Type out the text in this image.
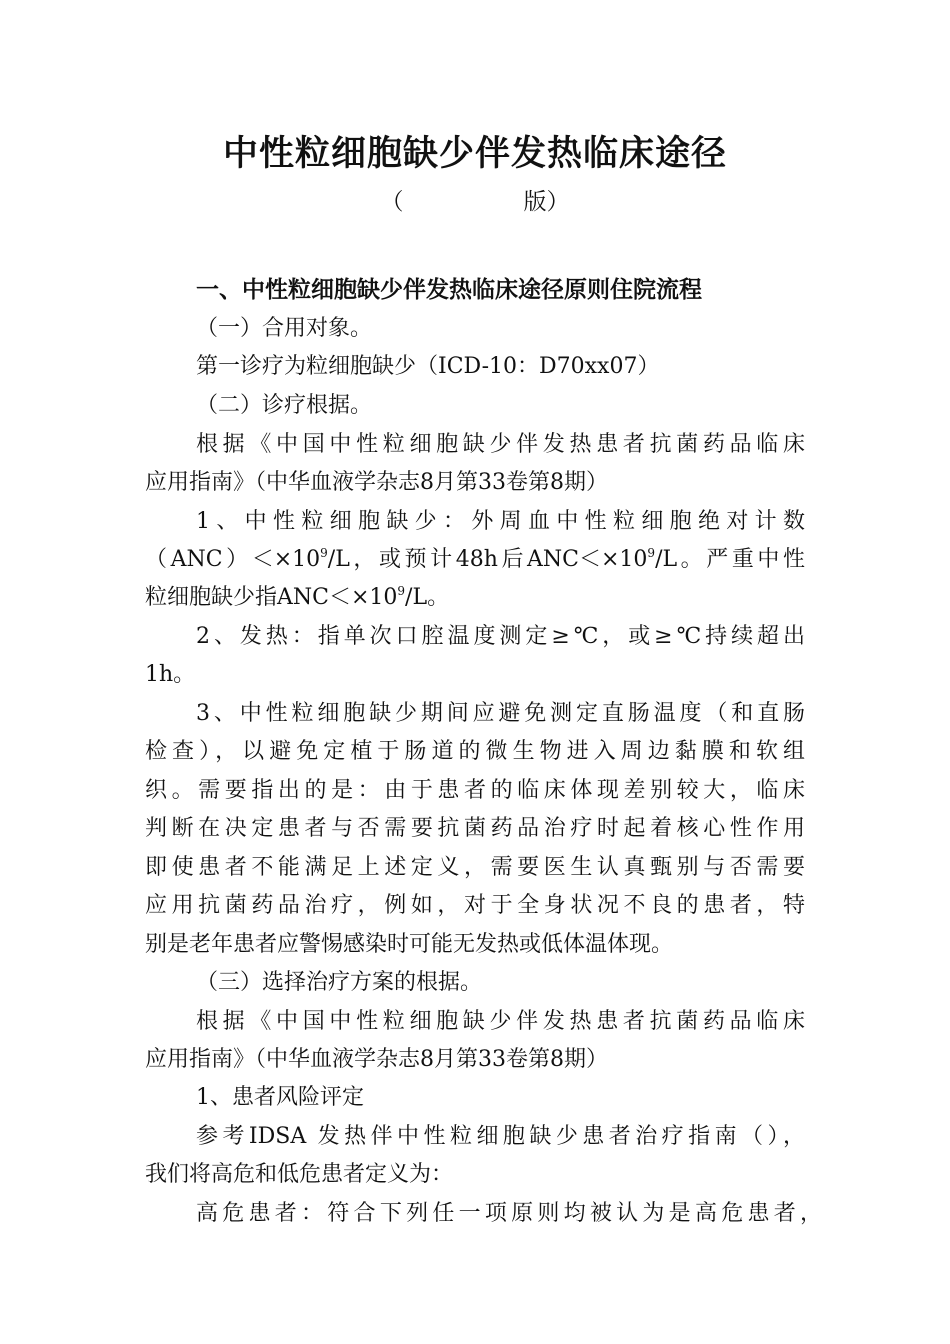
中性粒细胞缺少伴发热临床途径
（	版）
一、中性粒细胞缺少伴发热临床途径原则住院流程

（一）合用对象。

第一诊疗为粒细胞缺少（ICD-10：D70xx07）

（二）诊疗根据。

根据《中国中性粒细胞缺少伴发热患者抗菌药品临床

应用指南》（中华血液学杂志8月第33卷第8期）

1、中性粒细胞缺少：外周血中性粒细胞绝对计数

$(ANC)<\times 10^9/L$，或预计48h后$ANC<\times 10^9/L$。严重中性

粒细胞缺少指$ANC<\times 10^9/L$。

2、发热：指单次口腔温度测定≥℃，或≥℃持续超出

1h。

3、中性粒细胞缺少期间应避免测定直肠温度（和直肠

检查），以避免定植于肠道的微生物进入周边黏膜和软组

织。需要指出的是：由于患者的临床体现差别较大，临床

判断在决定患者与否需要抗菌药品治疗时起着核心性作用

即使患者不能满足上述定义，需要医生认真甄别与否需要

应用抗菌药品治疗，例如，对于全身状况不良的患者，特

别是老年患者应警惕感染时可能无发热或低体温体现。

（三）选择治疗方案的根据。

根据《中国中性粒细胞缺少伴发热患者抗菌药品临床

应用指南》（中华血液学杂志8月第33卷第8期）

1、患者风险评定

参考IDSA 发热伴中性粒细胞缺少患者治疗指南（），

我们将高危和低危患者定义为：

高危患者：符合下列任一项原则均被认为是高危患者，
